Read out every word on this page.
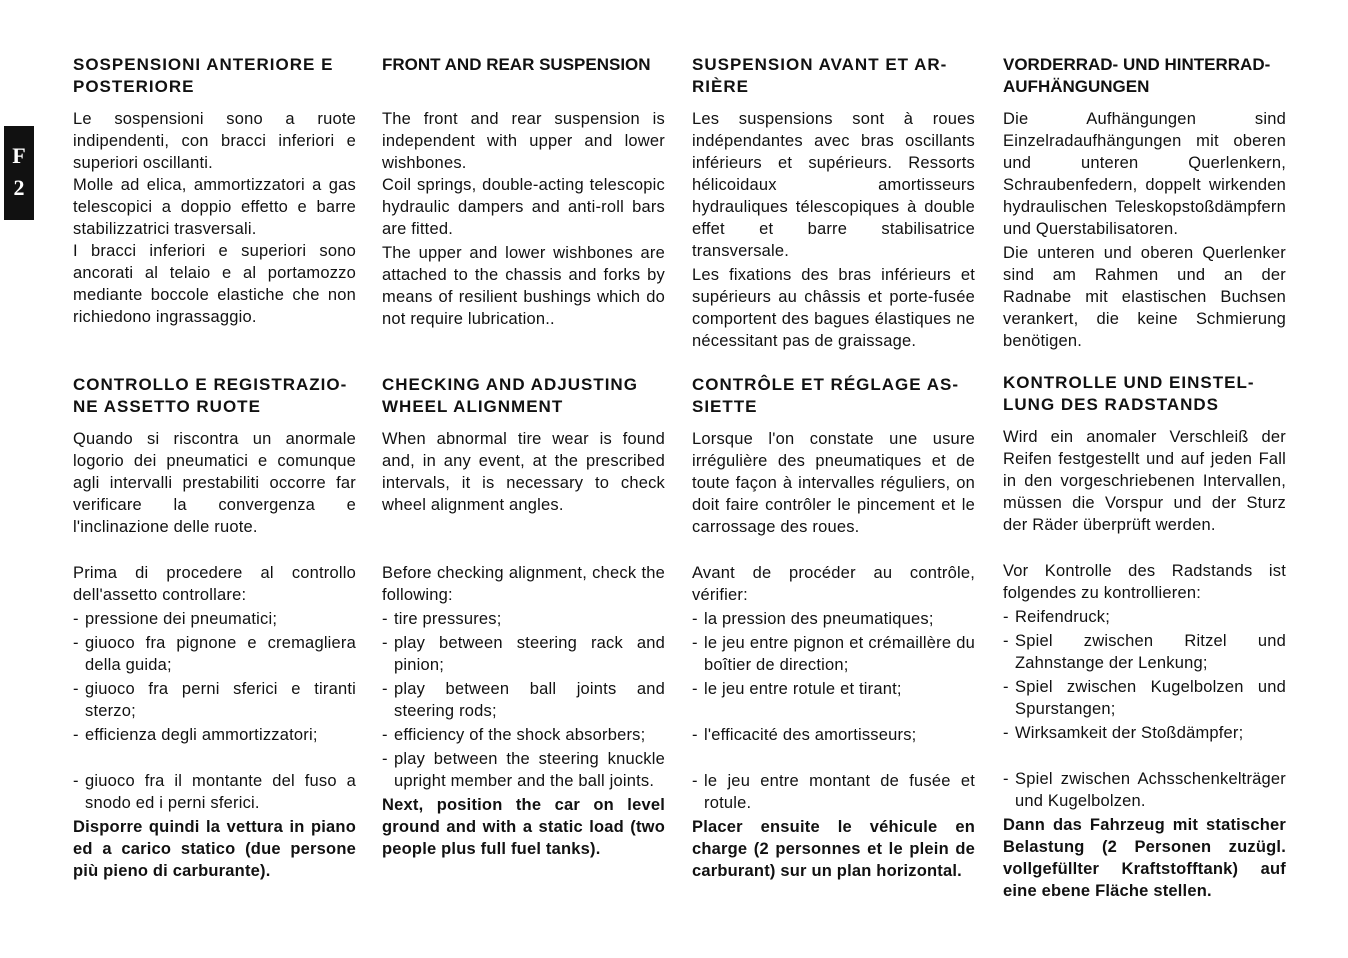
F
2
SOSPENSIONI ANTERIORE E
POSTERIORE

Le sospensioni sono a ruote indipendenti, con bracci inferiori e superiori oscillanti.

Molle ad elica, ammortizzatori a gas telescopici a doppio effetto e barre stabilizzatrici trasversali.

I bracci inferiori e superiori sono ancorati al telaio e al portamozzo mediante boccole elastiche che non richiedono ingrassaggio.

CONTROLLO E REGISTRAZIO-
NE ASSETTO RUOTE

Quando si riscontra un anormale logorio dei pneumatici e comunque agli intervalli prestabiliti occorre far verificare la convergenza e l'inclinazione delle ruote.

Prima di procedere al controllo dell'assetto controllare:

- pressione dei pneumatici;
- giuoco fra pignone e cremagliera della guida;
- giuoco fra perni sferici e tiranti sterzo;
- efficienza degli ammortizzatori;
- giuoco fra il montante del fuso a snodo ed i perni sferici.

Disporre quindi la vettura in piano ed a carico statico (due persone più pieno di carburante).

FRONT AND REAR SUSPENSION

The front and rear suspension is independent with upper and lower wishbones.

Coil springs, double-acting telescopic hydraulic dampers and anti-roll bars are fitted.

The upper and lower wishbones are attached to the chassis and forks by means of resilient bushings which do not require lubrication..

CHECKING AND ADJUSTING
WHEEL ALIGNMENT

When abnormal tire wear is found and, in any event, at the prescribed intervals, it is necessary to check wheel alignment angles.

Before checking alignment, check the following:

- tire pressures;
- play between steering rack and pinion;
- play between ball joints and steering rods;
- efficiency of the shock absorbers;
- play between the steering knuckle upright member and the ball joints.

Next, position the car on level ground and with a static load (two people plus full fuel tanks).

SUSPENSION AVANT ET AR-
RIÈRE

Les suspensions sont à roues indépendantes avec bras oscillants inférieurs et supérieurs. Ressorts hélicoidaux amortisseurs hydrauliques télescopiques à double effet et barre stabilisatrice transversale.

Les fixations des bras inférieurs et supérieurs au châssis et porte-fusée comportent des bagues élastiques ne nécessitant pas de graissage.

CONTRÔLE ET RÉGLAGE AS-
SIETTE

Lorsque l'on constate une usure irrégulière des pneumatiques et de toute façon à intervalles réguliers, on doit faire contrôler le pincement et le carrossage des roues.

Avant de procéder au contrôle, vérifier:

- la pression des pneumatiques;
- le jeu entre pignon et crémaillère du boîtier de direction;
- le jeu entre rotule et tirant;
- l'efficacité des amortisseurs;
- le jeu entre montant de fusée et rotule.

Placer ensuite le véhicule en charge (2 personnes et le plein de carburant) sur un plan horizontal.

VORDERRAD- UND HINTERRAD-
AUFHÄNGUNGEN

Die Aufhängungen sind Einzelradaufhängungen mit oberen und unteren Querlenkern, Schraubenfedern, doppelt wirkenden hydraulischen Teleskopstoßdämpfern und Querstabilisatoren.

Die unteren und oberen Querlenker sind am Rahmen und an der Radnabe mit elastischen Buchsen verankert, die keine Schmierung benötigen.

KONTROLLE UND EINSTEL-
LUNG DES RADSTANDS

Wird ein anomaler Verschleiß der Reifen festgestellt und auf jeden Fall in den vorgeschriebenen Intervallen, müssen die Vorspur und der Sturz der Räder überprüft werden.

Vor Kontrolle des Radstands ist folgendes zu kontrollieren:

- Reifendruck;
- Spiel zwischen Ritzel und Zahnstange der Lenkung;
- Spiel zwischen Kugelbolzen und Spurstangen;
- Wirksamkeit der Stoßdämpfer;
- Spiel zwischen Achsschenkelträger und Kugelbolzen.

Dann das Fahrzeug mit statischer Belastung (2 Personen zuzügl. vollgefüllter Kraftstofftank) auf eine ebene Fläche stellen.
